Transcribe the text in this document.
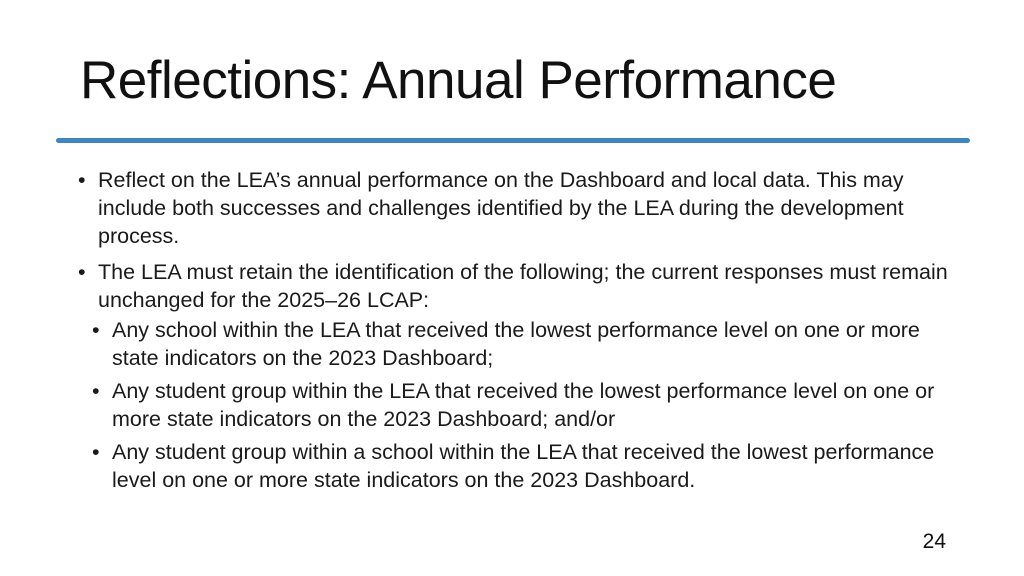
Reflections: Annual Performance
• Reflect on the LEA’s annual performance on the Dashboard and local data. This may include both successes and challenges identified by the LEA during the development process.
• The LEA must retain the identification of the following; the current responses must remain unchanged for the 2025–26 LCAP:
• Any school within the LEA that received the lowest performance level on one or more state indicators on the 2023 Dashboard;
• Any student group within the LEA that received the lowest performance level on one or more state indicators on the 2023 Dashboard; and/or
• Any student group within a school within the LEA that received the lowest performance level on one or more state indicators on the 2023 Dashboard.
24
